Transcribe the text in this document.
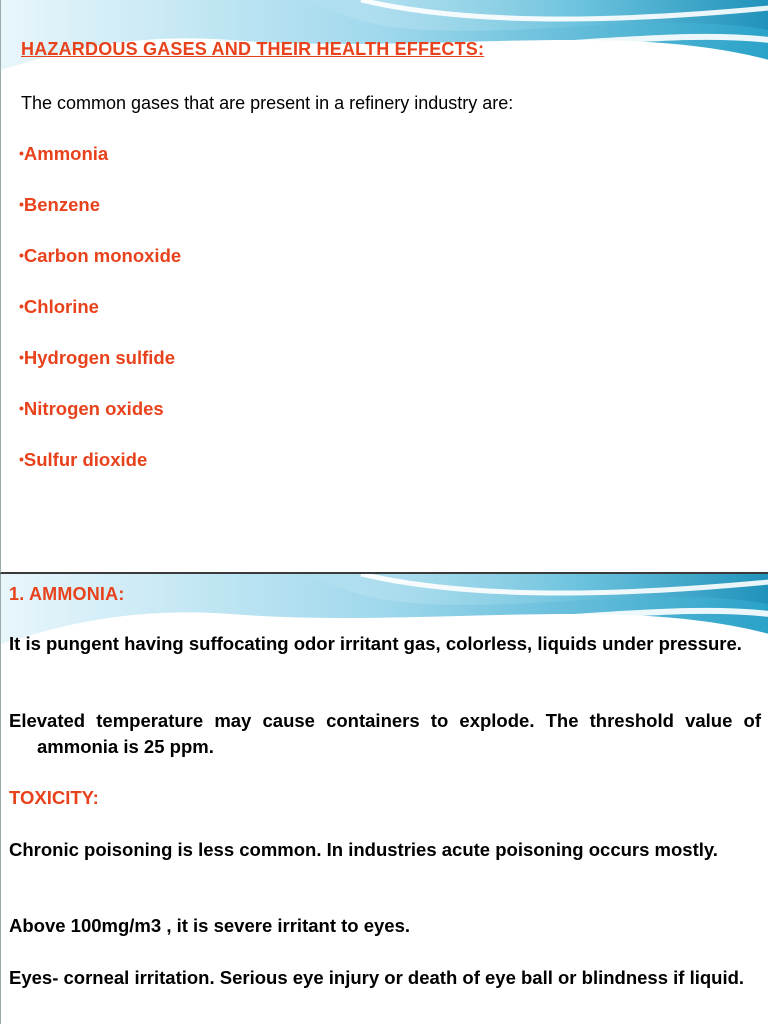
HAZARDOUS GASES AND THEIR HEALTH EFFECTS:
The common gases that are present in a refinery industry are:
•Ammonia
•Benzene
•Carbon monoxide
•Chlorine
•Hydrogen sulfide
•Nitrogen oxides
•Sulfur dioxide
1. AMMONIA:
It is pungent having suffocating odor irritant gas, colorless, liquids under pressure.
Elevated temperature may cause containers to explode. The threshold value of ammonia is 25 ppm.
TOXICITY:
Chronic poisoning is less common. In industries acute poisoning occurs mostly.
Above 100mg/m3 , it is severe irritant to eyes.
Eyes- corneal irritation. Serious eye injury or death of eye ball or blindness if liquid.
